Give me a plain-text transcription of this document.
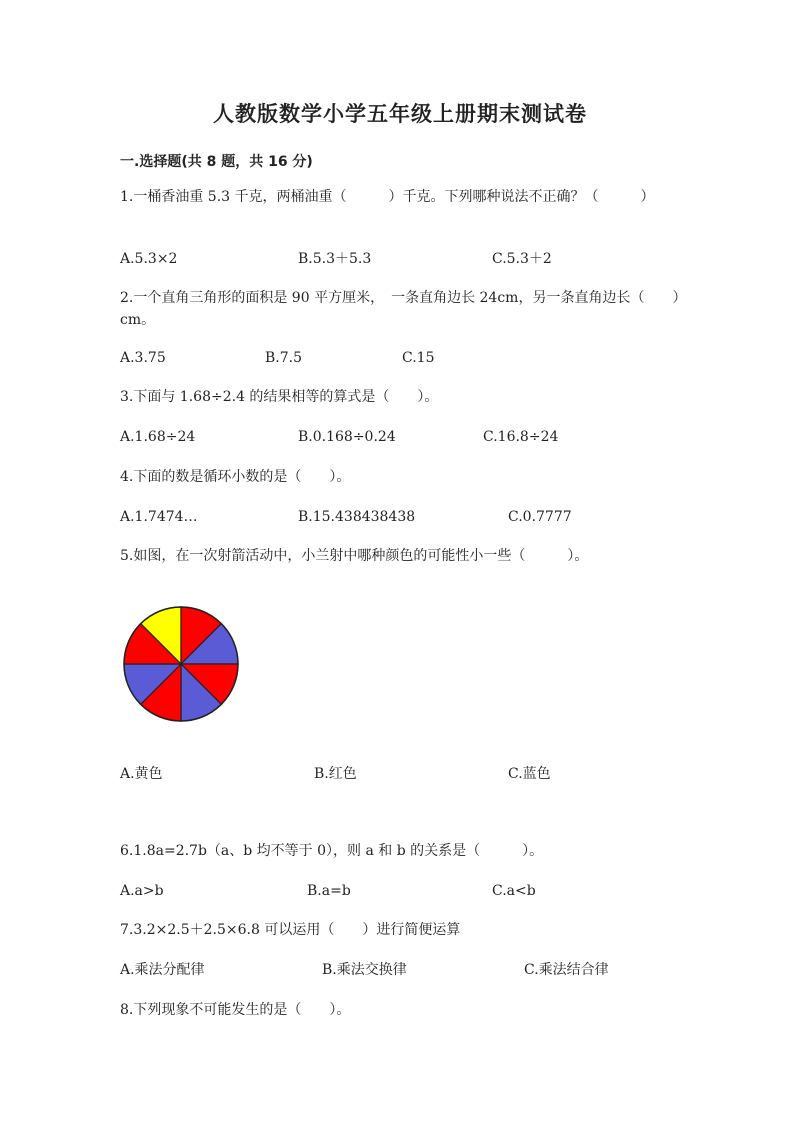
人教版数学小学五年级上册期末测试卷
一.选择题(共 8 题，共 16 分)
1.一桶香油重 5.3 千克，两桶油重（　　　）千克。下列哪种说法不正确？（　　　）
A.5.3×2	B.5.3＋5.3	C.5.3＋2
2.一个直角三角形的面积是 90 平方厘米，　一条直角边长 24cm，另一条直角边长（　　）cm。
A.3.75	B.7.5	C.15
3.下面与 1.68÷2.4 的结果相等的算式是（　　）。
A.1.68÷24	B.0.168÷0.24	C.16.8÷24
4.下面的数是循环小数的是（　　）。
A.1.7474…	B.15.438438438	C.0.7777
5.如图，在一次射箭活动中，小兰射中哪种颜色的可能性小一些（　　　）。
A.黄色	B.红色	C.蓝色
6.1.8a=2.7b（a、b 均不等于 0），则 a 和 b 的关系是（　　　）。
A.a>b	B.a=b	C.a<b
7.3.2×2.5＋2.5×6.8 可以运用（　　）进行简便运算
A.乘法分配律	B.乘法交换律	C.乘法结合律
8.下列现象不可能发生的是（　　）。
